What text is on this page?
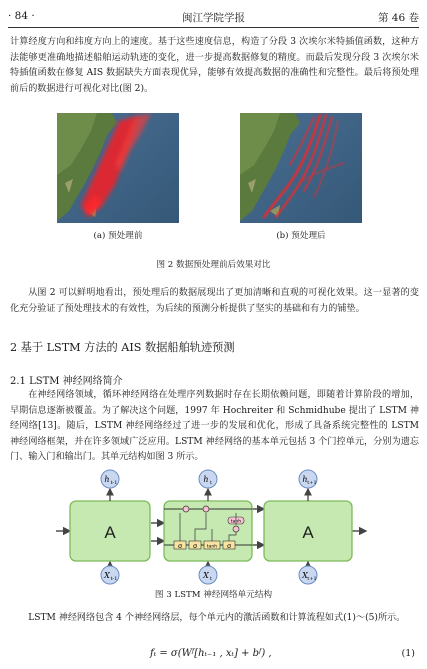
· 84 ·	闽江学院学报	第 46 卷
计算经度方向和纬度方向上的速度。基于这些速度信息，构造了分段 3 次埃尔米特插值函数，这种方法能够更准确地描述船舶运动轨迹的变化，进一步提高数据修复的精度。而最后发现分段 3 次埃尔米特插值函数在修复 AIS 数据缺失方面表现优异，能够有效提高数据的准确性和完整性。最后将预处理前后的数据进行可视化对比(图 2)。
(a) 预处理前	(b) 预处理后
图 2 数据预处理前后效果对比
从图 2 可以鲜明地看出，预处理后的数据展现出了更加清晰和直观的可视化效果。这一显著的变化充分验证了预处理技术的有效性，为后续的预测分析提供了坚实的基础和有力的铺垫。
2 基于 LSTM 方法的 AIS 数据船舶轨迹预测
2.1 LSTM 神经网络简介
在神经网络领域，循环神经网络在处理序列数据时存在长期依赖问题，即随着计算阶段的增加，早期信息逐渐被覆盖。为了解决这个问题，1997 年 Hochreiter 和 Schmidhube 提出了 LSTM 神经网络[13]。随后，LSTM 神经网络经过了进一步的发展和优化，形成了具备系统完整性的 LSTM 神经网络框架，并在许多领域广泛应用。LSTM 神经网络的基本单元包括 3 个门控单元，分别为遗忘门、输入门和输出门。其单元结构如图 3 所示。
A
σ σ tanh σ
tanh
A
h t-1	h t	h t+1
X t-1	X t	X t+1
图 3 LSTM 神经网络单元结构
LSTM 神经网络包含 4 个神经网络层，每个单元内的激活函数和计算流程如式(1)～(5)所示。
fₜ = σ(Wᶠ[hₜ₋₁ , xₜ] + bᶠ) ,	(1)
